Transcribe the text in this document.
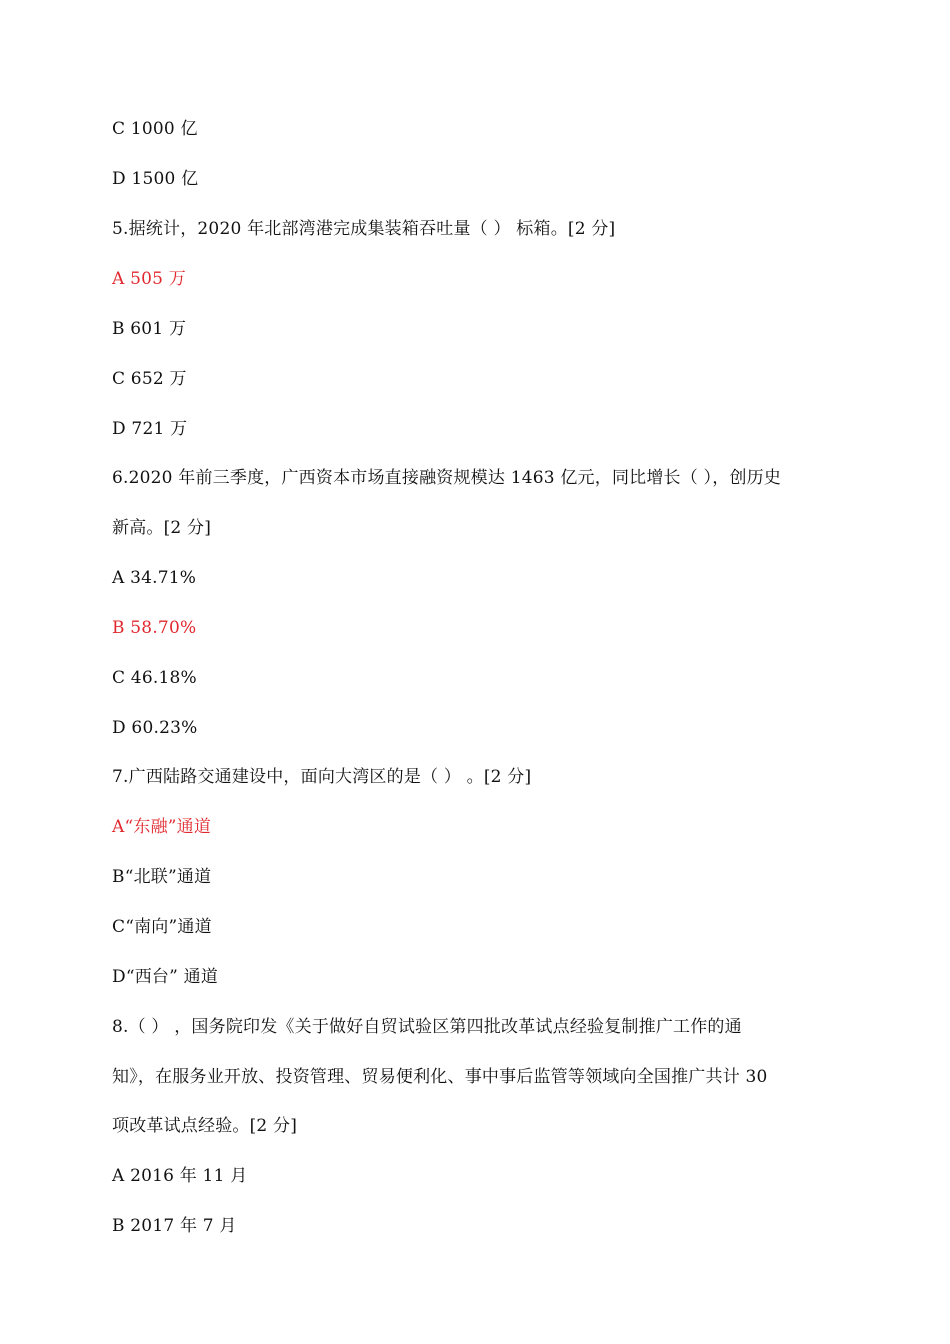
C 1000 亿
D 1500 亿
5.据统计，2020 年北部湾港完成集装箱吞吐量（ ） 标箱。[2 分]
A 505 万
B 601 万
C 652 万
D 721 万
6.2020 年前三季度，广西资本市场直接融资规模达 1463 亿元，同比增长（ ），创历史
新高。[2 分]
A 34.71%
B 58.70%
C 46.18%
D 60.23%
7.广西陆路交通建设中，面向大湾区的是（ ） 。[2 分]
A“东融”通道
B“北联”通道
C“南向”通道
D“西台” 通道
8.（ ） ，国务院印发《关于做好自贸试验区第四批改革试点经验复制推广工作的通
知》，在服务业开放、投资管理、贸易便利化、事中事后监管等领域向全国推广共计 30
项改革试点经验。[2 分]
A 2016 年 11 月
B 2017 年 7 月
